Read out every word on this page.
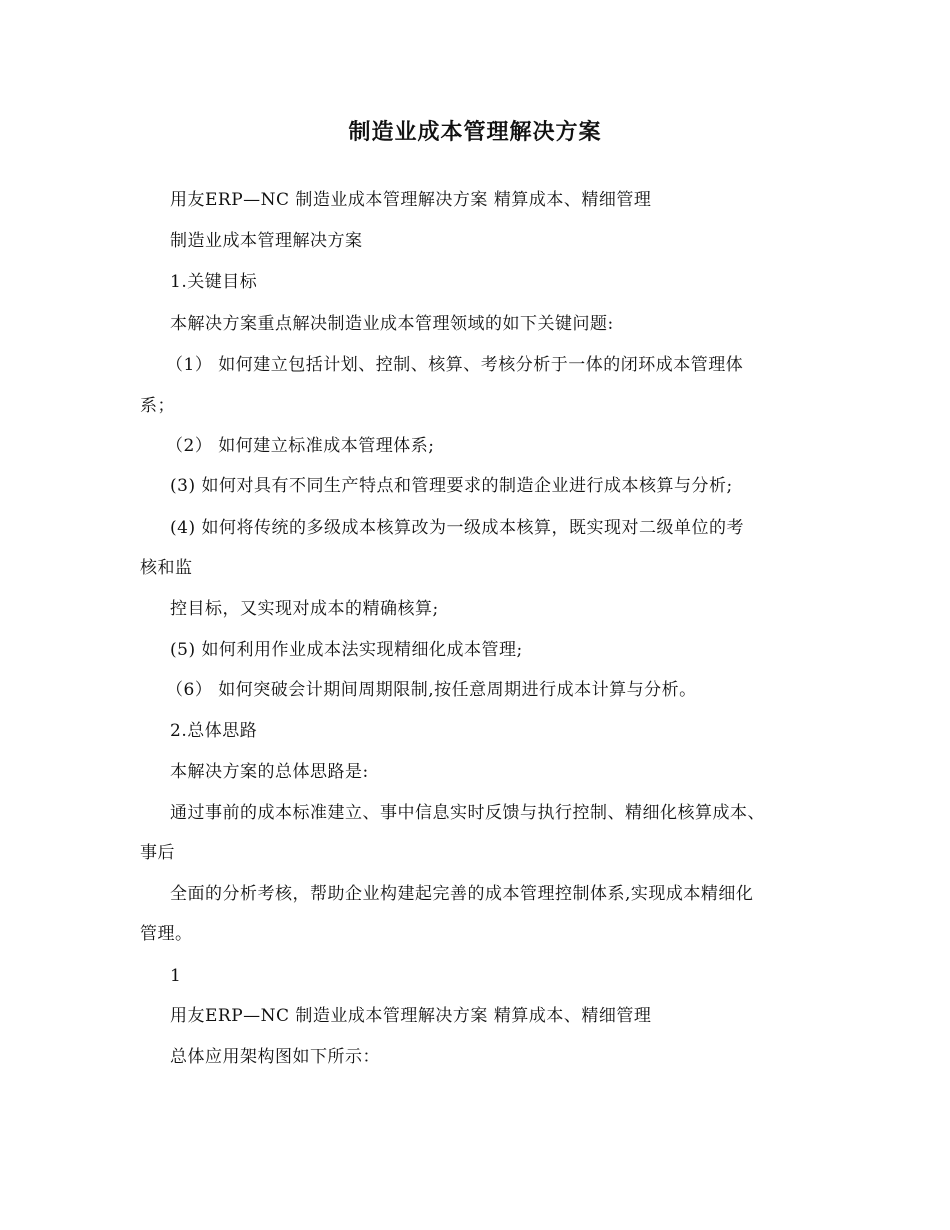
制造业成本管理解决方案
用友ERP—NC 制造业成本管理解决方案 精算成本、精细管理
制造业成本管理解决方案
1.关键目标
本解决方案重点解决制造业成本管理领域的如下关键问题:
（1） 如何建立包括计划、控制、核算、考核分析于一体的闭环成本管理体
系；
（2） 如何建立标准成本管理体系;
(3) 如何对具有不同生产特点和管理要求的制造企业进行成本核算与分析;
(4) 如何将传统的多级成本核算改为一级成本核算，既实现对二级单位的考
核和监
控目标，又实现对成本的精确核算;
(5) 如何利用作业成本法实现精细化成本管理;
（6） 如何突破会计期间周期限制,按任意周期进行成本计算与分析。
2.总体思路
本解决方案的总体思路是:
通过事前的成本标准建立、事中信息实时反馈与执行控制、精细化核算成本、
事后
全面的分析考核，帮助企业构建起完善的成本管理控制体系,实现成本精细化
管理。
1
用友ERP—NC 制造业成本管理解决方案 精算成本、精细管理
总体应用架构图如下所示：
